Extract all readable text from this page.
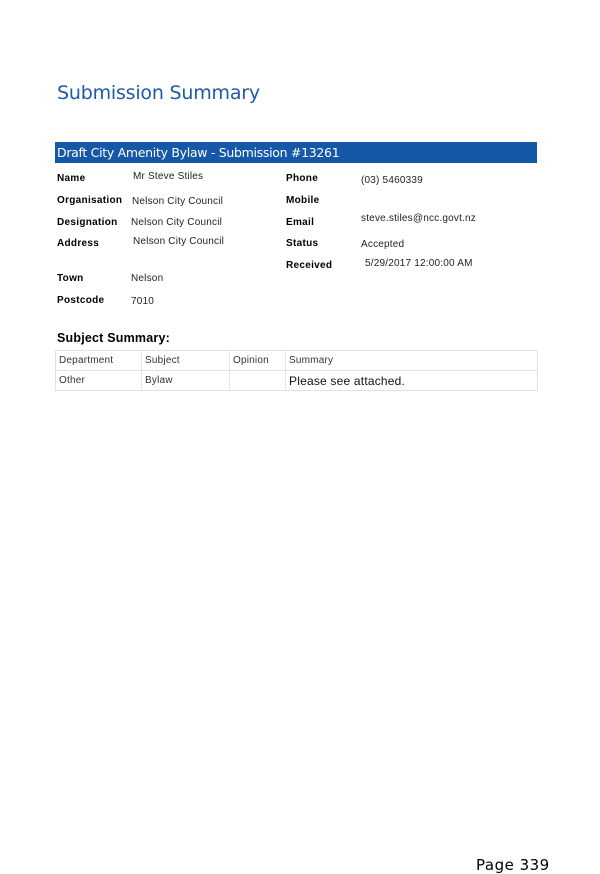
Submission Summary
Draft City Amenity Bylaw - Submission #13261
Name	Mr Steve Stiles
Organisation Nelson City Council
Designation Nelson City Council
Address	Nelson City Council
Town	Nelson
Postcode	7010
Phone	(03) 5460339
Mobile
Email	steve.stiles@ncc.govt.nz
Status	Accepted
Received	5/29/2017 12:00:00 AM
Subject Summary:
Department	Subject	Opinion	Summary
Other	Bylaw		Please see attached.
Page 339
